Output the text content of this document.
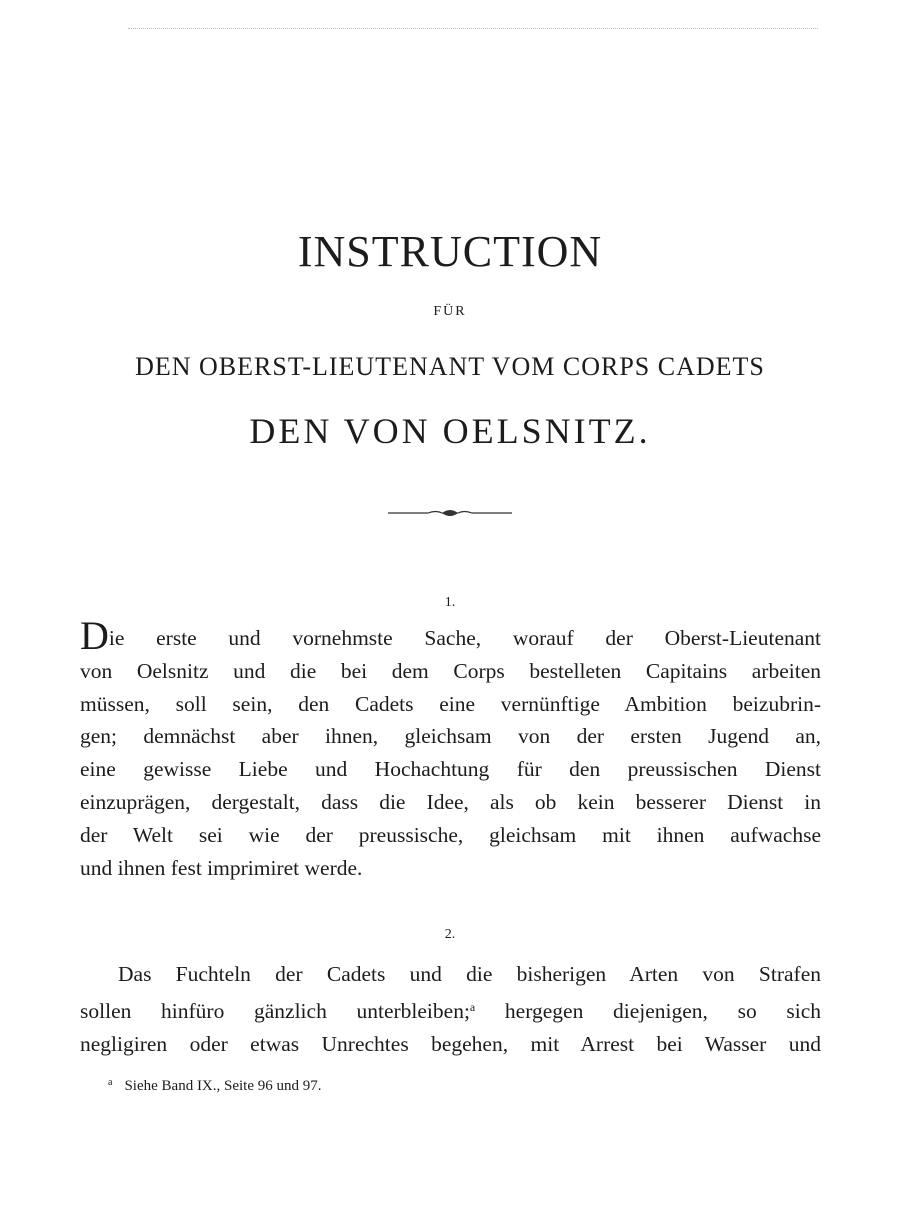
INSTRUCTION
FÜR
DEN OBERST-LIEUTENANT VOM CORPS CADETS
DEN VON OELSNITZ.
1.
Die erste und vornehmste Sache, worauf der Oberst-Lieutenant
von Oelsnitz und die bei dem Corps bestelleten Capitains arbeiten
müssen, soll sein, den Cadets eine vernünftige Ambition beizubrin-
gen; demnächst aber ihnen, gleichsam von der ersten Jugend an,
eine gewisse Liebe und Hochachtung für den preussischen Dienst
einzuprägen, dergestalt, dass die Idee, als ob kein besserer Dienst in
der Welt sei wie der preussische, gleichsam mit ihnen aufwachse
und ihnen fest imprimiret werde.
2.
Das Fuchteln der Cadets und die bisherigen Arten von Strafen
sollen hinfüro gänzlich unterbleiben;$^a$ hergegen diejenigen, so sich
negligiren oder etwas Unrechtes begehen, mit Arrest bei Wasser und
$^a$ Siehe Band IX., Seite 96 und 97.
